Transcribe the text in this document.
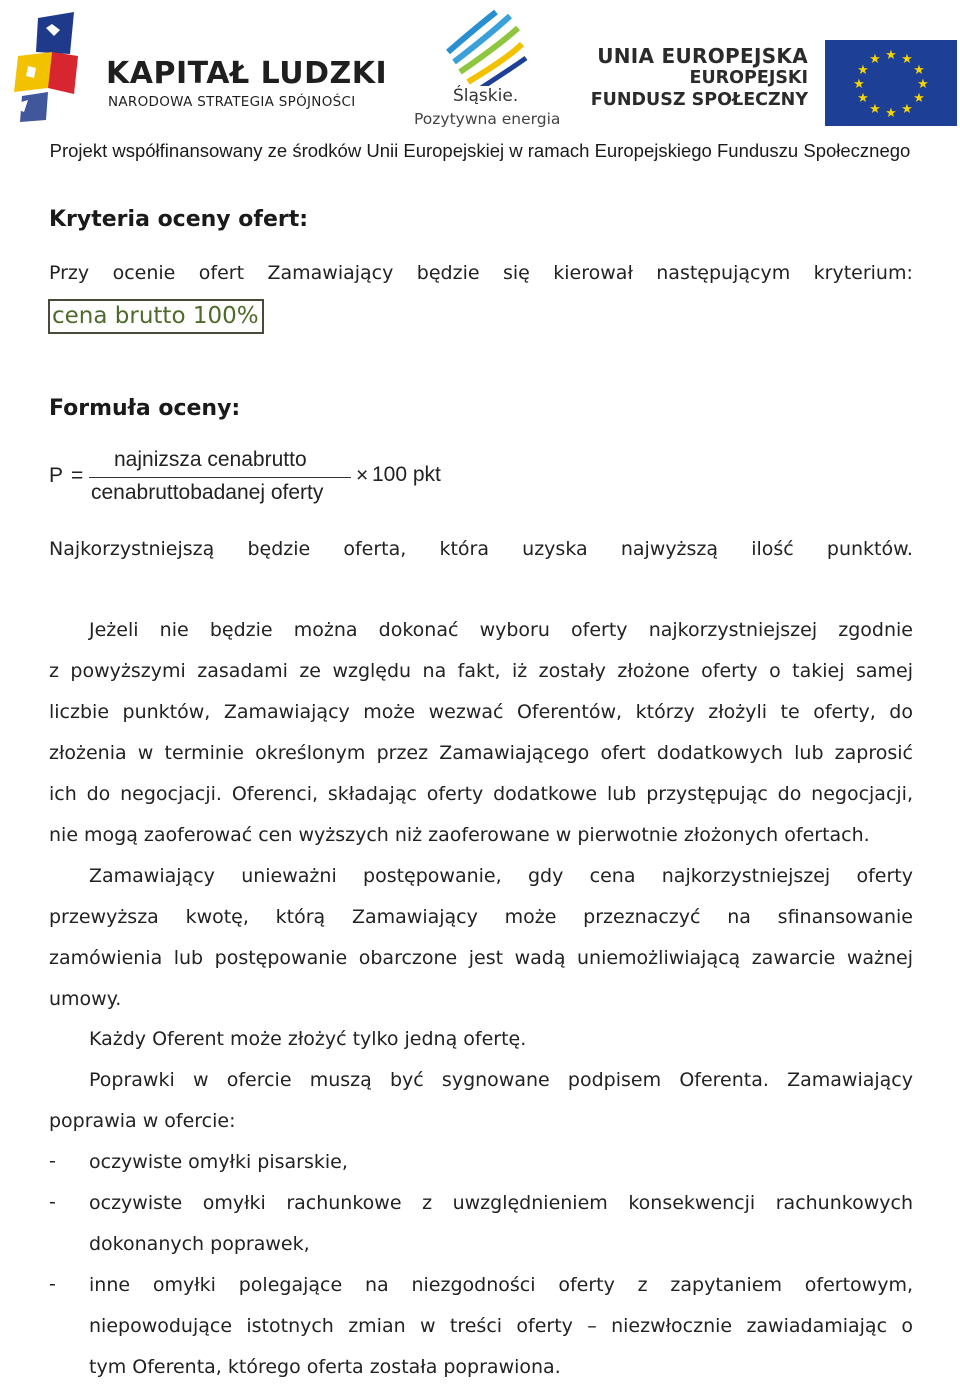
KAPITAŁ LUDZKI
NARODOWA STRATEGIA SPÓJNOŚCI	Śląskie.
Pozytywna energia
UNIA EUROPEJSKA
EUROPEJSKI
FUNDUSZ SPOŁECZNY
★ ★
★
★
★
★
★
★
★
★
★
★
Projekt współfinansowany ze środków Unii Europejskiej w ramach Europejskiego Funduszu Społecznego
Kryteria oceny ofert:
Przy ocenie ofert Zamawiający będzie się kierował następującym kryterium:
cena brutto 100%
Formuła oceny:
P =
najnizsza cenabrutto
cenabruttobadanej oferty
× 100 pkt
Najkorzystniejszą będzie oferta, która uzyska najwyższą ilość punktów.
Jeżeli nie będzie można dokonać wyboru oferty najkorzystniejszej zgodnie
z powyższymi zasadami ze względu na fakt, iż zostały złożone oferty o takiej samej liczbie punktów, Zamawiający może wezwać Oferentów, którzy złożyli te oferty, do złożenia w terminie określonym przez Zamawiającego ofert dodatkowych lub zaprosić ich do negocjacji. Oferenci, składając oferty dodatkowe lub przystępując do negocjacji,
nie mogą zaoferować cen wyższych niż zaoferowane w pierwotnie złożonych ofertach.
Zamawiający unieważni postępowanie, gdy cena najkorzystniejszej oferty przewyższa kwotę, którą Zamawiający może przeznaczyć na sfinansowanie zamówienia lub postępowanie obarczone jest wadą uniemożliwiającą zawarcie ważnej
umowy.
Każdy Oferent może złożyć tylko jedną ofertę.
Poprawki w ofercie muszą być sygnowane podpisem Oferenta. Zamawiający
poprawia w ofercie:
- oczywiste omyłki pisarskie,
- oczywiste omyłki rachunkowe z uwzględnieniem konsekwencji rachunkowych
dokonanych poprawek,
- inne omyłki polegające na niezgodności oferty z zapytaniem ofertowym, niepowodujące istotnych zmian w treści oferty – niezwłocznie zawiadamiając o
tym Oferenta, którego oferta została poprawiona.
